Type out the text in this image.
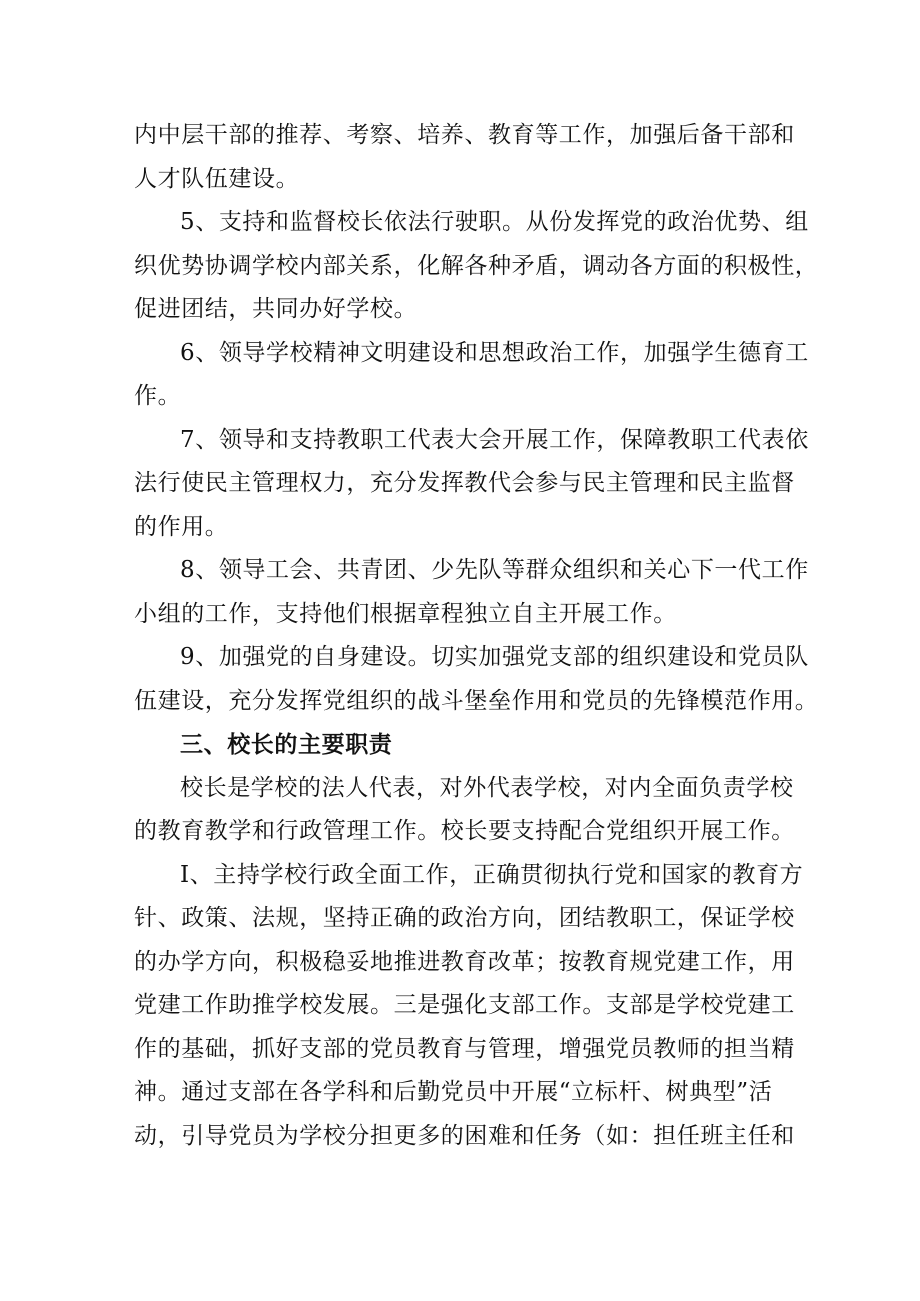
内中层干部的推荐、考察、培养、教育等工作，加强后备干部和
人才队伍建设。
5、支持和监督校长依法行驶职。从份发挥党的政治优势、组
织优势协调学校内部关系，化解各种矛盾，调动各方面的积极性，
促进团结，共同办好学校。
6、领导学校精神文明建设和思想政治工作，加强学生德育工
作。
7、领导和支持教职工代表大会开展工作，保障教职工代表依
法行使民主管理权力，充分发挥教代会参与民主管理和民主监督
的作用。
8、领导工会、共青团、少先队等群众组织和关心下一代工作
小组的工作，支持他们根据章程独立自主开展工作。
9、加强党的自身建设。切实加强党支部的组织建设和党员队
伍建设，充分发挥党组织的战斗堡垒作用和党员的先锋模范作用。
三、校长的主要职责
校长是学校的法人代表，对外代表学校，对内全面负责学校
的教育教学和行政管理工作。校长要支持配合党组织开展工作。
I、主持学校行政全面工作，正确贯彻执行党和国家的教育方
针、政策、法规，坚持正确的政治方向，团结教职工，保证学校
的办学方向，积极稳妥地推进教育改革；按教育规党建工作，用
党建工作助推学校发展。三是强化支部工作。支部是学校党建工
作的基础，抓好支部的党员教育与管理，增强党员教师的担当精
神。通过支部在各学科和后勤党员中开展“立标杆、树典型”活
动，引导党员为学校分担更多的困难和任务（如：担任班主任和
